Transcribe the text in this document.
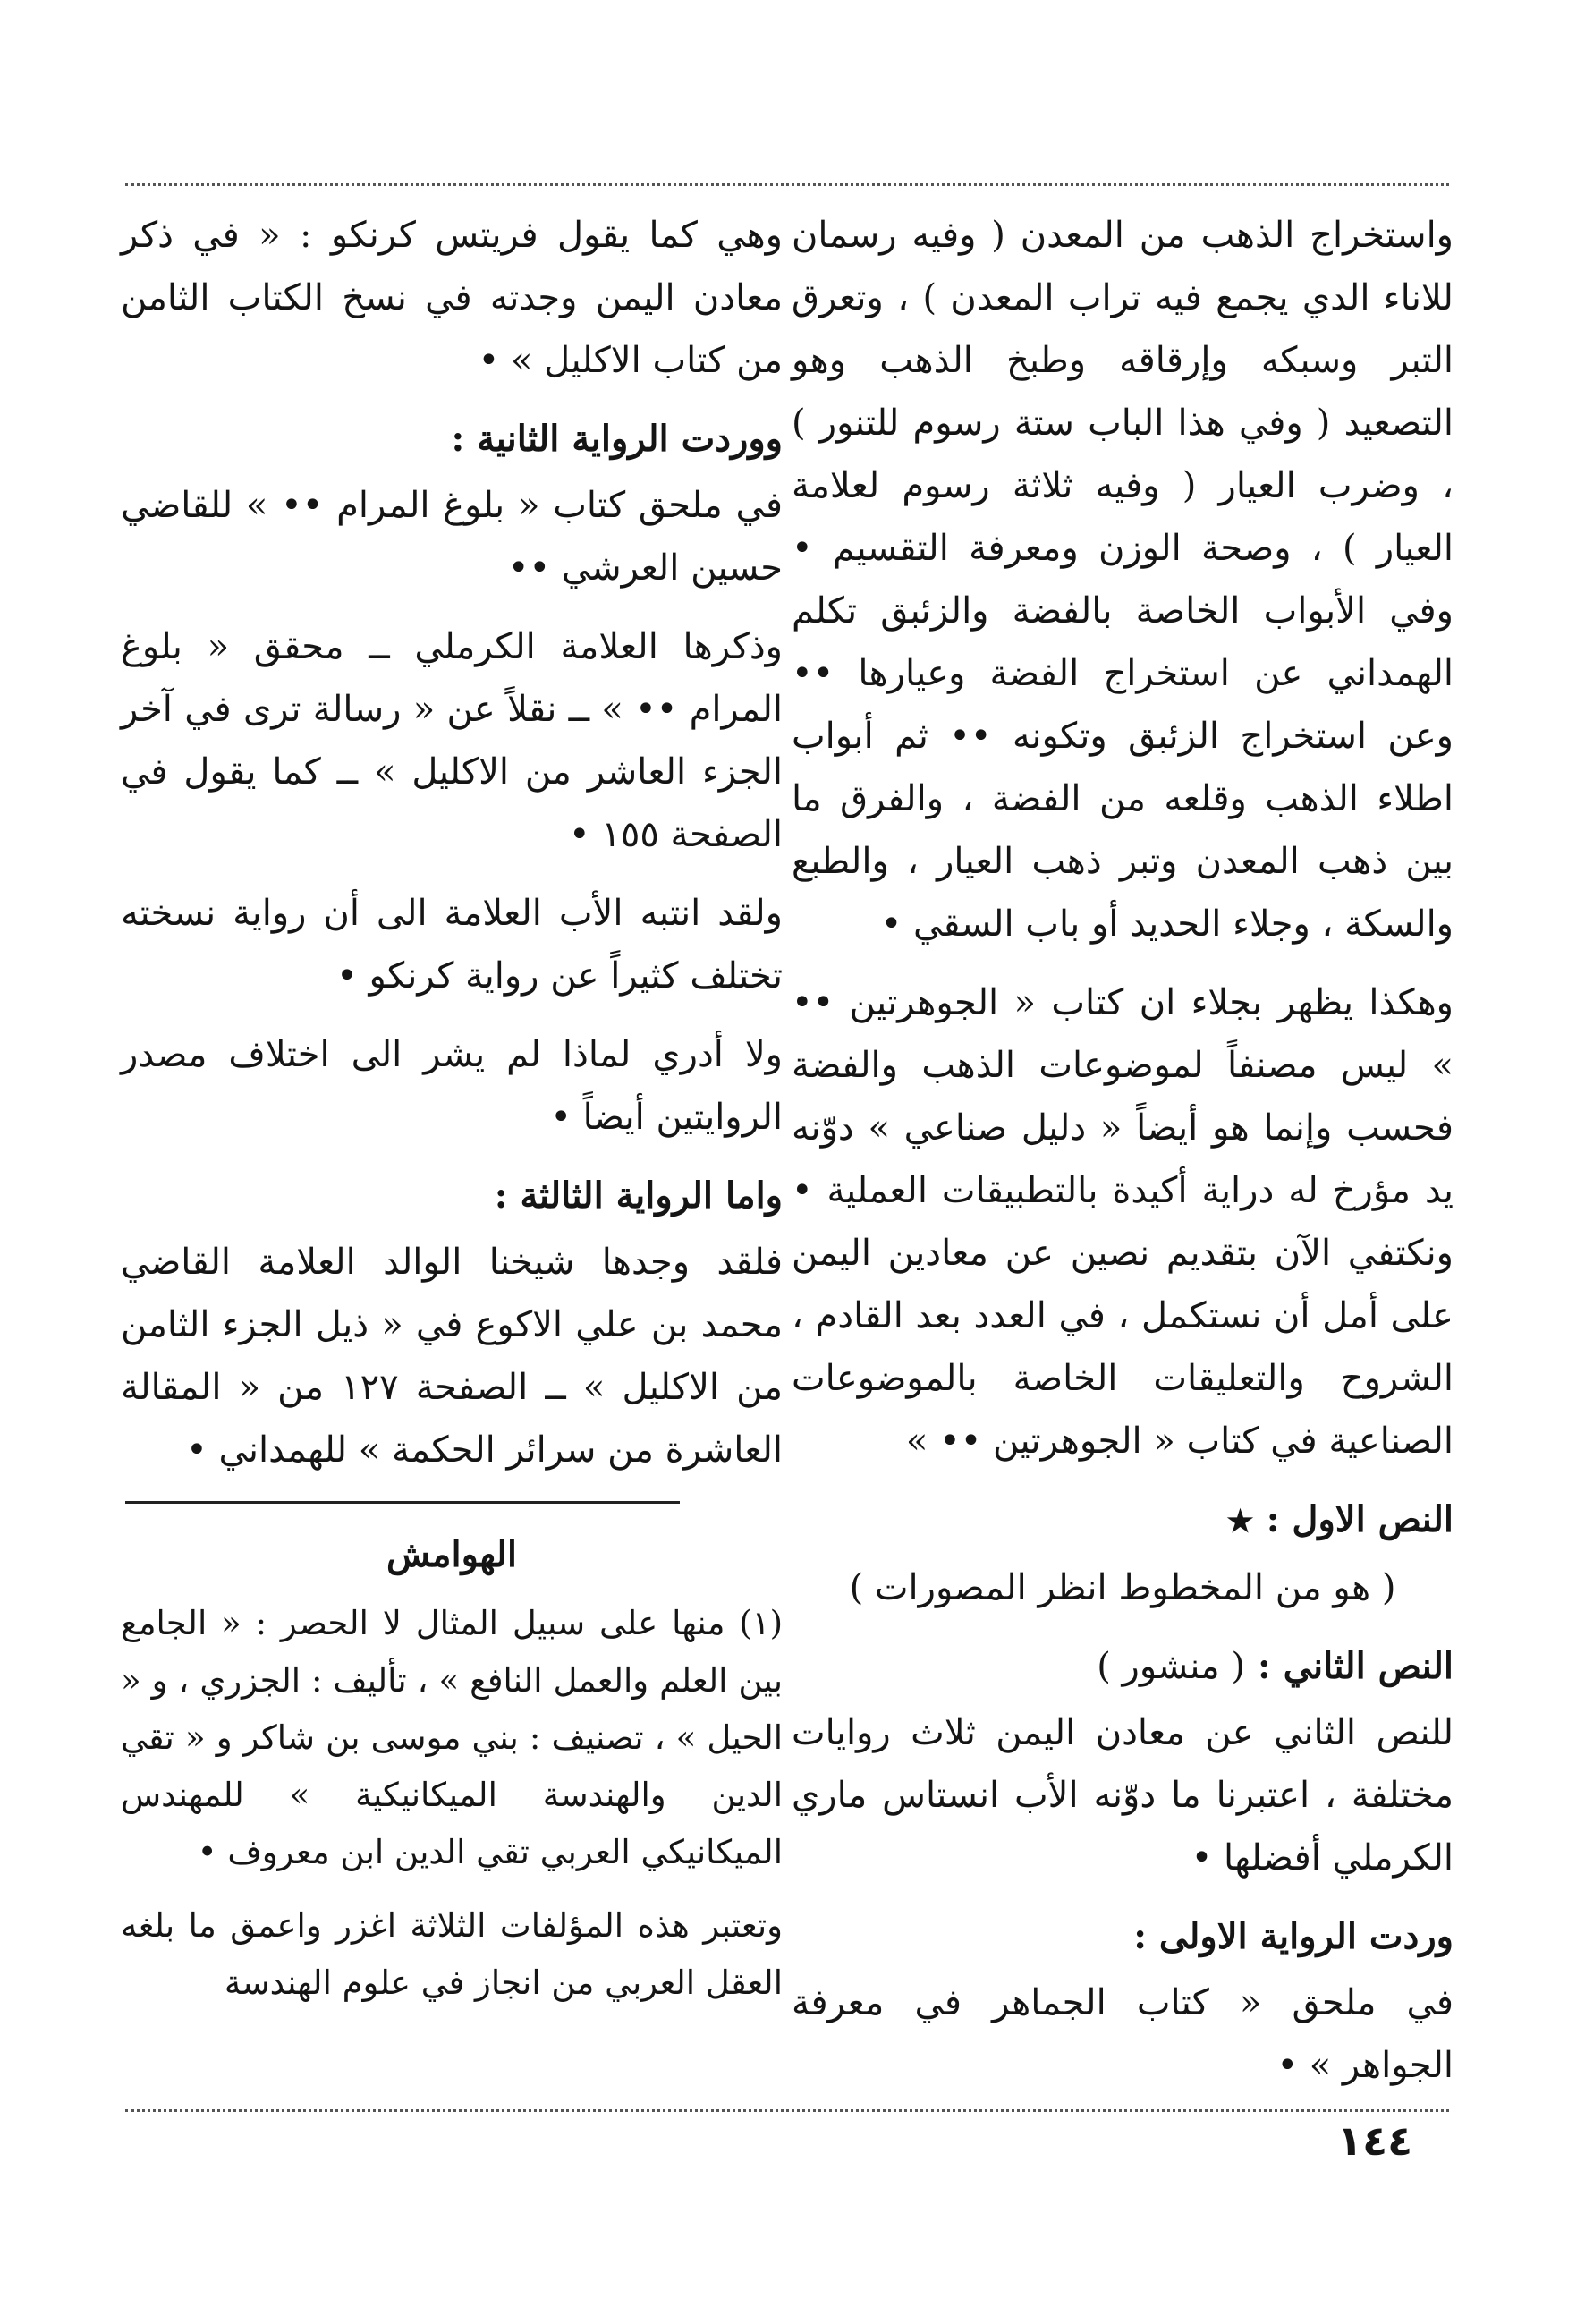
واستخراج الذهب من المعدن ( وفيه رسمان للاناء الدي يجمع فيه تراب المعدن ) ، وتعرق التبر وسبكه وإرقاقه وطبخ الذهب وهو التصعيد ( وفي هذا الباب ستة رسوم للتنور ) ، وضرب العيار ( وفيه ثلاثة رسوم لعلامة العيار ) ، وصحة الوزن ومعرفة التقسيم • وفي الأبواب الخاصة بالفضة والزئبق تكلم الهمداني عن استخراج الفضة وعيارها •• وعن استخراج الزئبق وتكونه •• ثم أبواب اطلاء الذهب وقلعه من الفضة ، والفرق ما بين ذهب المعدن وتبر ذهب العيار ، والطبع والسكة ، وجلاء الحديد أو باب السقي •

وهكذا يظهر بجلاء ان كتاب « الجوهرتين •• » ليس مصنفاً لموضوعات الذهب والفضة فحسب وإنما هو أيضاً « دليل صناعي » دوّنه يد مؤرخ له دراية أكيدة بالتطبيقات العملية • ونكتفي الآن بتقديم نصين عن معادين اليمن على أمل أن نستكمل ، في العدد بعد القادم ، الشروح والتعليقات الخاصة بالموضوعات الصناعية في كتاب « الجوهرتين •• »

النص الاول : ★

( هو من المخطوط انظر المصورات )

النص الثاني : ( منشور )

للنص الثاني عن معادن اليمن ثلاث روايات مختلفة ، اعتبرنا ما دوّنه الأب انستاس ماري الكرملي أفضلها •

وردت الرواية الاولى :

في ملحق « كتاب الجماهر في معرفة الجواهر » •

وهي كما يقول فريتس كرنكو : « في ذكر معادن اليمن وجدته في نسخ الكتاب الثامن من كتاب الاكليل » •

ووردت الرواية الثانية :

في ملحق كتاب « بلوغ المرام •• » للقاضي حسين العرشي ••

وذكرها العلامة الكرملي ــ محقق « بلوغ المرام •• » ــ نقلاً عن « رسالة ترى في آخر الجزء العاشر من الاكليل » ــ كما يقول في الصفحة ١٥٥ •

ولقد انتبه الأب العلامة الى أن رواية نسخته تختلف كثيراً عن رواية كرنكو •

ولا أدري لماذا لم يشر الى اختلاف مصدر الروايتين أيضاً •

واما الرواية الثالثة :

فلقد وجدها شيخنا الوالد العلامة القاضي محمد بن علي الاكوع في « ذيل الجزء الثامن من الاكليل » ــ الصفحة ١٢٧ من « المقالة العاشرة من سرائر الحكمة » للهمداني •

الهوامش

(١) منها على سبيل المثال لا الحصر : « الجامع بين العلم والعمل النافع » ، تأليف : الجزري ، و « الحيل » ، تصنيف : بني موسى بن شاكر و « تقي الدين والهندسة الميكانيكية » للمهندس الميكانيكي العربي تقي الدين ابن معروف •

وتعتبر هذه المؤلفات الثلاثة اغزر واعمق ما بلغه العقل العربي من انجاز في علوم الهندسة

١٤٤
